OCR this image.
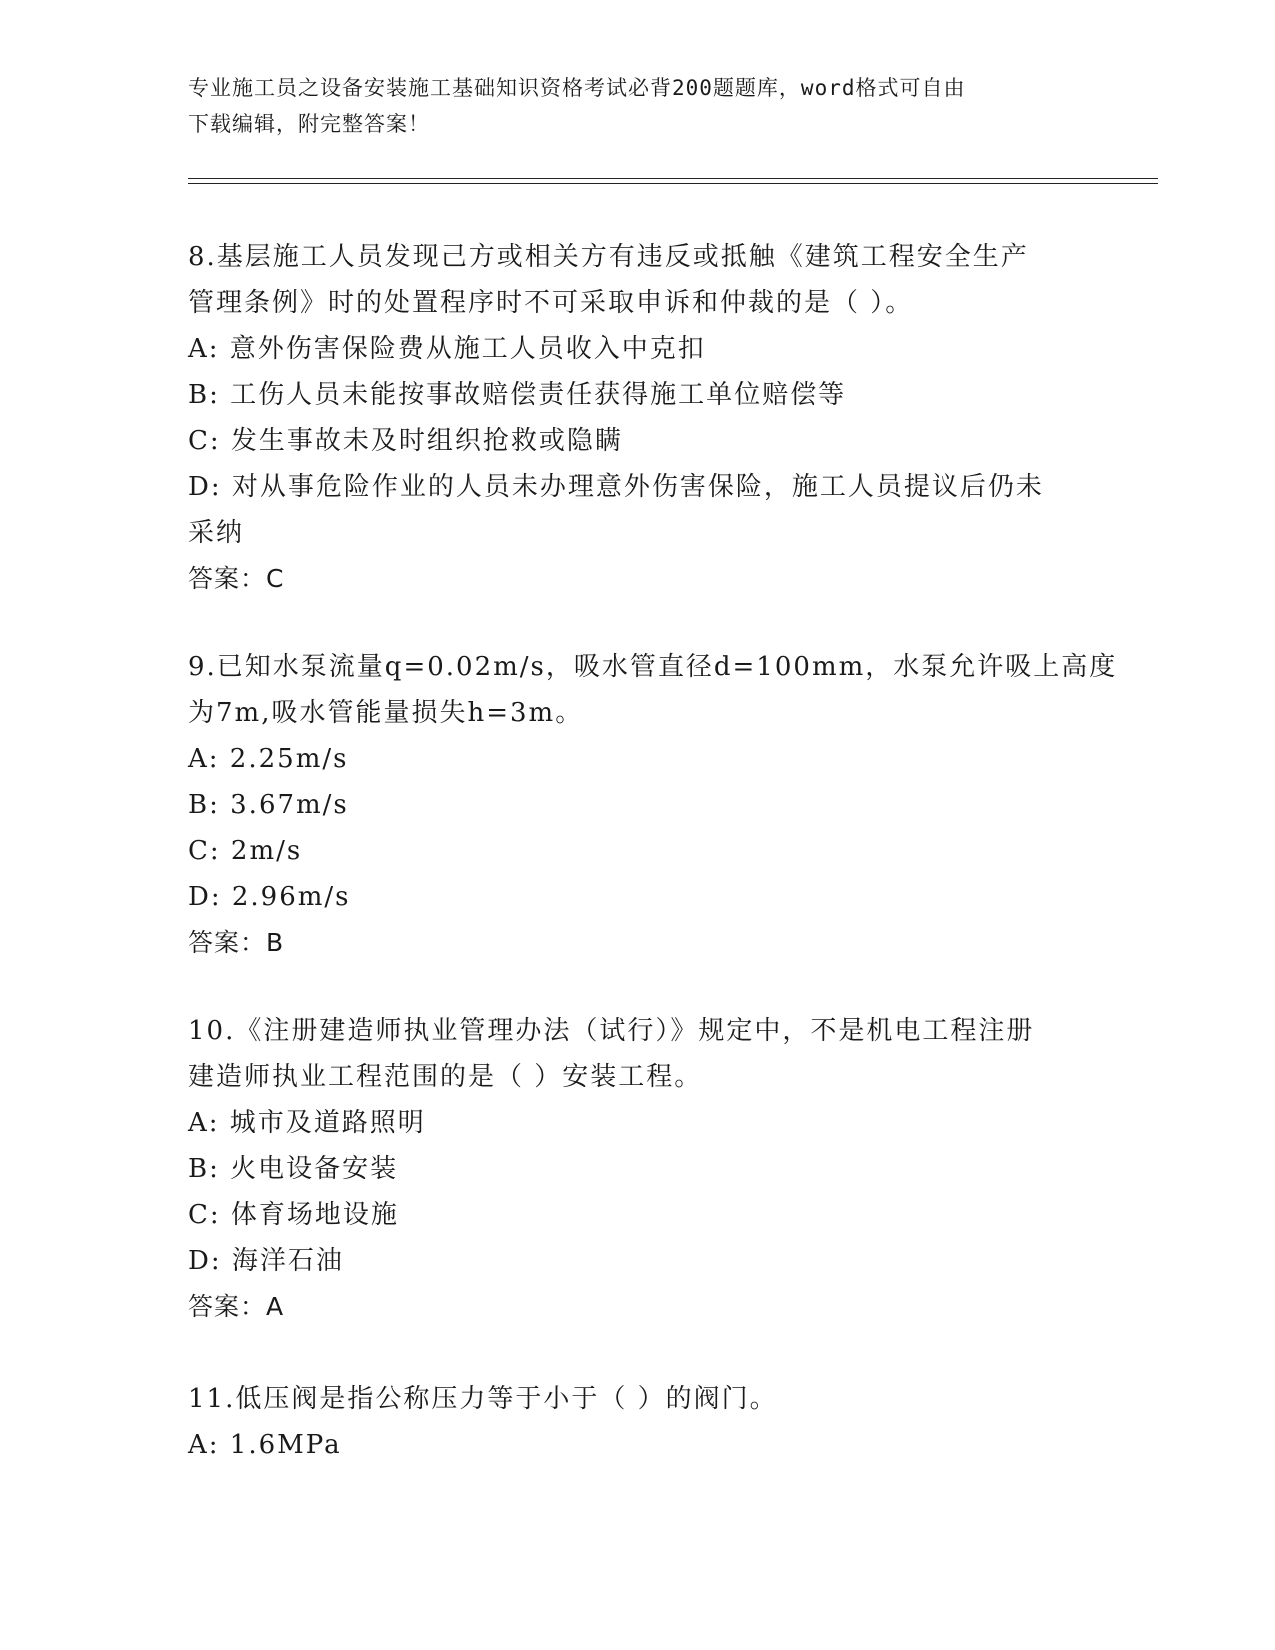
专业施工员之设备安装施工基础知识资格考试必背200题题库，word格式可自由
下载编辑，附完整答案！
8.基层施工人员发现己方或相关方有违反或抵触《建筑工程安全生产
管理条例》时的处置程序时不可采取申诉和仲裁的是（ ）。
A: 意外伤害保险费从施工人员收入中克扣
B: 工伤人员未能按事故赔偿责任获得施工单位赔偿等
C: 发生事故未及时组织抢救或隐瞒
D: 对从事危险作业的人员未办理意外伤害保险，施工人员提议后仍未
采纳
答案：C
9.已知水泵流量q=0.02m/s，吸水管直径d=100mm，水泵允许吸上高度
为7m,吸水管能量损失h=3m。
A: 2.25m/s
B: 3.67m/s
C: 2m/s
D: 2.96m/s
答案：B
10.《注册建造师执业管理办法（试行）》规定中，不是机电工程注册
建造师执业工程范围的是（ ）安装工程。
A: 城市及道路照明
B: 火电设备安装
C: 体育场地设施
D: 海洋石油
答案：A
11.低压阀是指公称压力等于小于（ ）的阀门。
A: 1.6MPa
